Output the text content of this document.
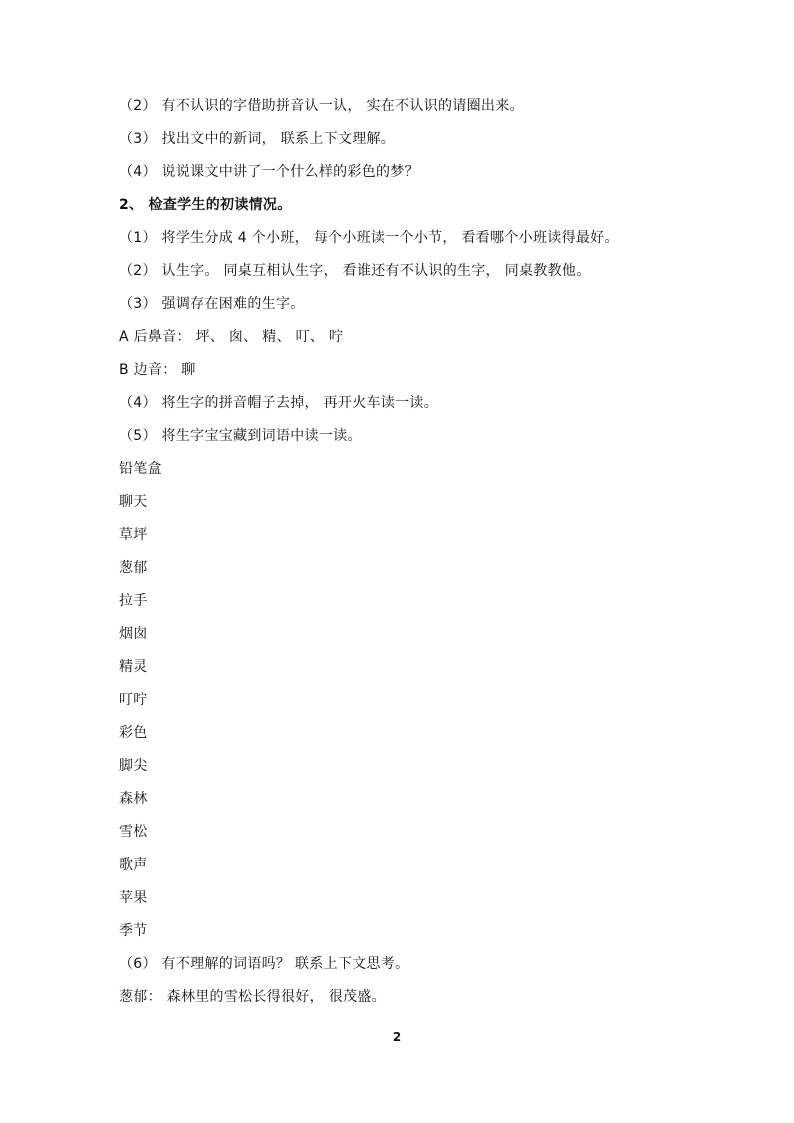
（2） 有不认识的字借助拼音认一认， 实在不认识的请圈出来。
（3） 找出文中的新词， 联系上下文理解。
（4） 说说课文中讲了一个什么样的彩色的梦？
2、 检查学生的初读情况。
（1） 将学生分成 4 个小班， 每个小班读一个小节， 看看哪个小班读得最好。
（2） 认生字。 同桌互相认生字， 看谁还有不认识的生字， 同桌教教他。
（3） 强调存在困难的生字。
A 后鼻音： 坪、 囱、 精、 叮、 咛
B 边音： 聊
（4） 将生字的拼音帽子去掉， 再开火车读一读。
（5） 将生字宝宝藏到词语中读一读。
铅笔盒
聊天
草坪
葱郁
拉手
烟囱
精灵
叮咛
彩色
脚尖
森林
雪松
歌声
苹果
季节
（6） 有不理解的词语吗？ 联系上下文思考。
葱郁： 森林里的雪松长得很好， 很茂盛。
2
